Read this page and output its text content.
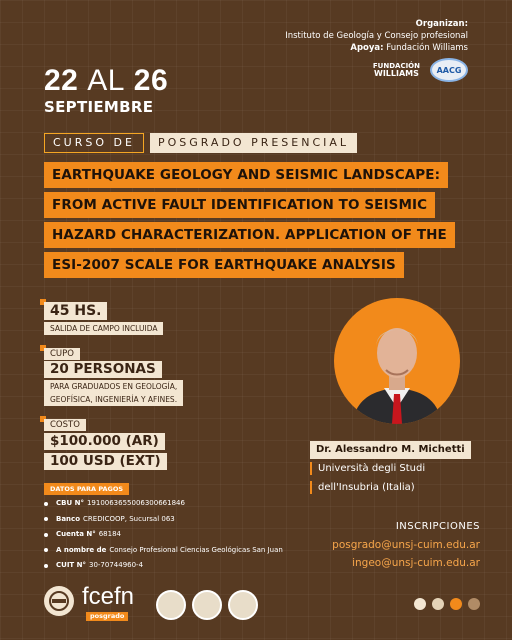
Organizan:
Instituto de Geología y Consejo profesional
Apoya: Fundación Williams
FUNDACIÓN
WILLIAMS AACG
22 AL 26
SEPTIEMBRE
CURSO DE	POSGRADO PRESENCIAL
EARTHQUAKE GEOLOGY AND SEISMIC LANDSCAPE:
FROM ACTIVE FAULT IDENTIFICATION TO SEISMIC
HAZARD CHARACTERIZATION. APPLICATION OF THE
ESI-2007 SCALE FOR EARTHQUAKE ANALYSIS
45 HS.
SALIDA DE CAMPO INCLUIDA
CUPO
20 PERSONAS
PARA GRADUADOS EN GEOLOGÍA,
GEOFÍSICA, INGENIERÍA Y AFINES.
COSTO
$100.000 (AR)
100 USD (EXT)
DATOS PARA PAGOS
CBU N° 1910063655006300661846
Banco CREDICOOP, Sucursal 063
Cuenta N° 68184
A nombre de Consejo Profesional Ciencias Geológicas San Juan
CUIT N° 30-70744960-4
Dr. Alessandro M. Michetti
Università degli Studi
dell'Insubria (Italia)
INSCRIPCIONES
posgrado@unsj-cuim.edu.ar
ingeo@unsj-cuim.edu.ar
fcefn
posgrado
